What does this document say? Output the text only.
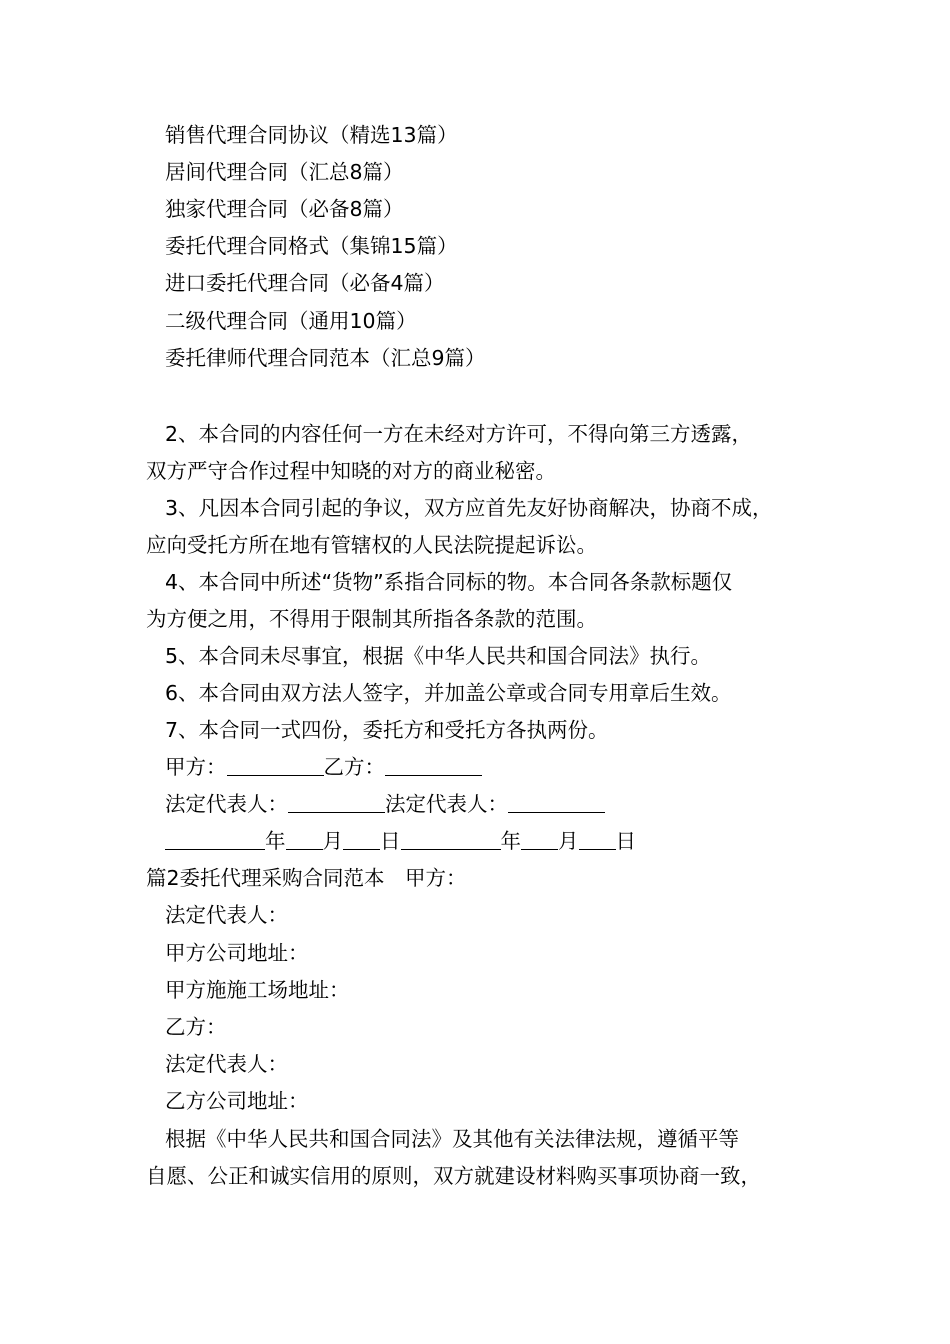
销售代理合同协议（精选13篇）
居间代理合同（汇总8篇）
独家代理合同（必备8篇）
委托代理合同格式（集锦15篇）
进口委托代理合同（必备4篇）
二级代理合同（通用10篇）
委托律师代理合同范本（汇总9篇）
2、本合同的内容任何一方在未经对方许可，不得向第三方透露，
双方严守合作过程中知晓的对方的商业秘密。
3、凡因本合同引起的争议，双方应首先友好协商解决，协商不成，
应向受托方所在地有管辖权的人民法院提起诉讼。
4、本合同中所述“货物”系指合同标的物。本合同各条款标题仅
为方便之用，不得用于限制其所指各条款的范围。
5、本合同未尽事宜，根据《中华人民共和国合同法》执行。
6、本合同由双方法人签字，并加盖公章或合同专用章后生效。
7、本合同一式四份，委托方和受托方各执两份。
甲方：	乙方：
法定代表人：	法定代表人：
年 月 日	年 月 日
篇2委托代理采购合同范本　甲方：
法定代表人：
甲方公司地址：
甲方施施工场地址：
乙方：
法定代表人：
乙方公司地址：
根据《中华人民共和国合同法》及其他有关法律法规，遵循平等
自愿、公正和诚实信用的原则，双方就建设材料购买事项协商一致，
